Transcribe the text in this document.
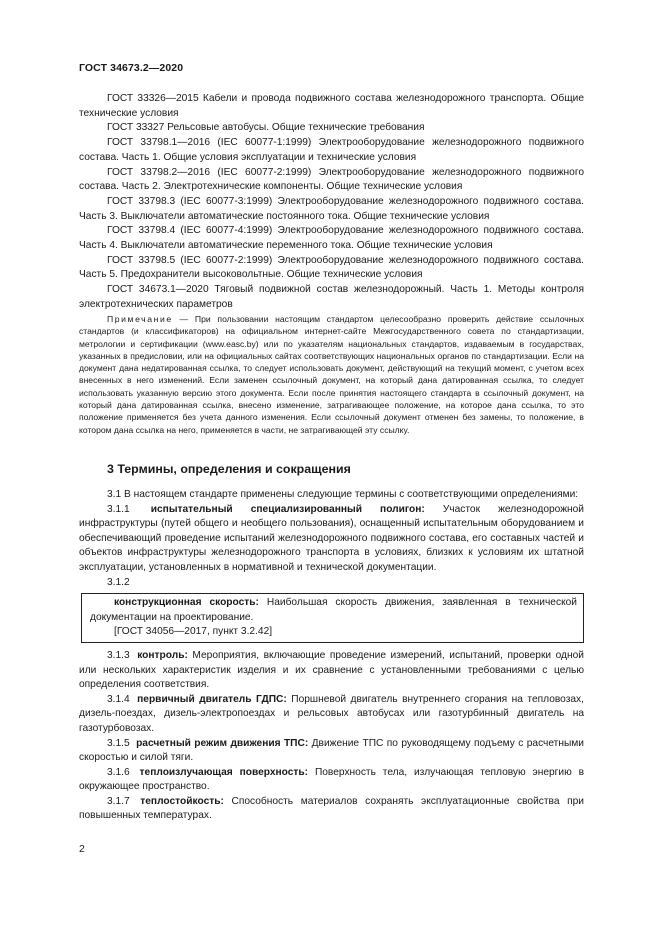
ГОСТ 34673.2—2020
ГОСТ 33326—2015 Кабели и провода подвижного состава железнодорожного транспорта. Общие технические условия
ГОСТ 33327 Рельсовые автобусы. Общие технические требования
ГОСТ 33798.1—2016 (IEC 60077-1:1999) Электрооборудование железнодорожного подвижного состава. Часть 1. Общие условия эксплуатации и технические условия
ГОСТ 33798.2—2016 (IEC 60077-2:1999) Электрооборудование железнодорожного подвижного состава. Часть 2. Электротехнические компоненты. Общие технические условия
ГОСТ 33798.3 (IEC 60077-3:1999) Электрооборудование железнодорожного подвижного состава. Часть 3. Выключатели автоматические постоянного тока. Общие технические условия
ГОСТ 33798.4 (IEC 60077-4:1999) Электрооборудование железнодорожного подвижного состава. Часть 4. Выключатели автоматические переменного тока. Общие технические условия
ГОСТ 33798.5 (IEC 60077-2:1999) Электрооборудование железнодорожного подвижного состава. Часть 5. Предохранители высоковольтные. Общие технические условия
ГОСТ 34673.1—2020 Тяговый подвижной состав железнодорожный. Часть 1. Методы контроля электротехнических параметров
Примечание — При пользовании настоящим стандартом целесообразно проверить действие ссылочных стандартов (и классификаторов) на официальном интернет-сайте Межгосударственного совета по стандартизации, метрологии и сертификации (www.easc.by) или по указателям национальных стандартов, издаваемым в государствах, указанных в предисловии, или на официальных сайтах соответствующих национальных органов по стандартизации. Если на документ дана недатированная ссылка, то следует использовать документ, действующий на текущий момент, с учетом всех внесенных в него изменений. Если заменен ссылочный документ, на который дана датированная ссылка, то следует использовать указанную версию этого документа. Если после принятия настоящего стандарта в ссылочный документ, на который дана датированная ссылка, внесено изменение, затрагивающее положение, на которое дана ссылка, то это положение применяется без учета данного изменения. Если ссылочный документ отменен без замены, то положение, в котором дана ссылка на него, применяется в части, не затрагивающей эту ссылку.
3 Термины, определения и сокращения
3.1 В настоящем стандарте применены следующие термины с соответствующими определениями:
3.1.1 испытательный специализированный полигон: Участок железнодорожной инфраструктуры (путей общего и необщего пользования), оснащенный испытательным оборудованием и обеспечивающий проведение испытаний железнодорожного подвижного состава, его составных частей и объектов инфраструктуры железнодорожного транспорта в условиях, близких к условиям их штатной эксплуатации, установленных в нормативной и технической документации.
3.1.2
конструкционная скорость: Наибольшая скорость движения, заявленная в технической документации на проектирование.
[ГОСТ 34056—2017, пункт 3.2.42]
3.1.3 контроль: Мероприятия, включающие проведение измерений, испытаний, проверки одной или нескольких характеристик изделия и их сравнение с установленными требованиями с целью определения соответствия.
3.1.4 первичный двигатель ГДПС: Поршневой двигатель внутреннего сгорания на тепловозах, дизель-поездах, дизель-электропоездах и рельсовых автобусах или газотурбинный двигатель на газотурбовозах.
3.1.5 расчетный режим движения ТПС: Движение ТПС по руководящему подъему с расчетными скоростью и силой тяги.
3.1.6 теплоизлучающая поверхность: Поверхность тела, излучающая тепловую энергию в окружающее пространство.
3.1.7 теплостойкость: Способность материалов сохранять эксплуатационные свойства при повышенных температурах.
2
